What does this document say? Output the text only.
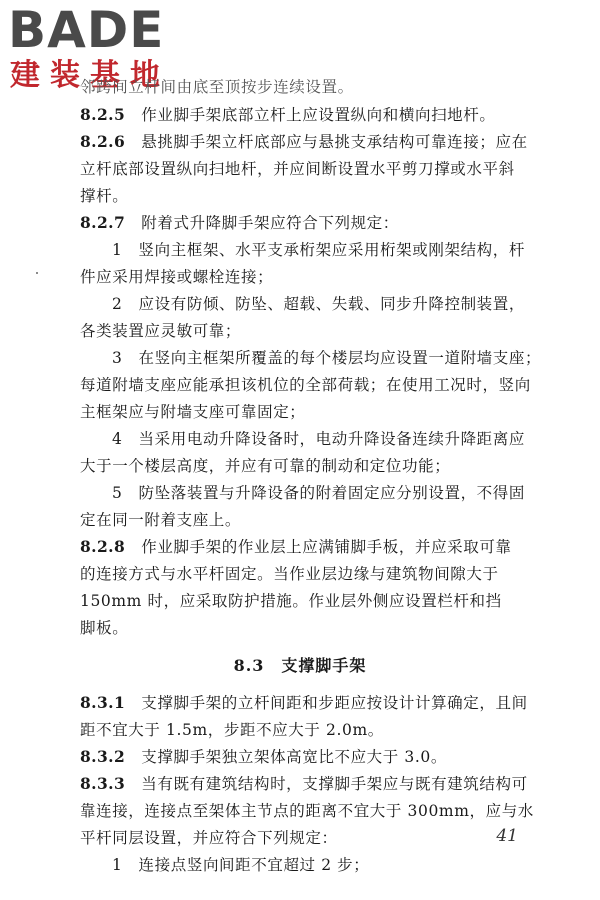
BADE
建装基地
邻跨间立杆间由底至顶按步连续设置。
8.2.5　 作业脚手架底部立杆上应设置纵向和横向扫地杆。
8.2.6　 悬挑脚手架立杆底部应与悬挑支承结构可靠连接；应在
立杆底部设置纵向扫地杆，并应间断设置水平剪刀撑或水平斜
撑杆。
8.2.7　 附着式升降脚手架应符合下列规定：
1　竖向主框架、水平支承桁架应采用桁架或刚架结构，杆
件应采用焊接或螺栓连接；
2　应设有防倾、防坠、超载、失载、同步升降控制装置，
各类装置应灵敏可靠；
3　在竖向主框架所覆盖的每个楼层均应设置一道附墙支座；
每道附墙支座应能承担该机位的全部荷载；在使用工况时，竖向
主框架应与附墙支座可靠固定；
4　当采用电动升降设备时，电动升降设备连续升降距离应
大于一个楼层高度，并应有可靠的制动和定位功能；
5　防坠落装置与升降设备的附着固定应分别设置，不得固
定在同一附着支座上。
8.2.8　 作业脚手架的作业层上应满铺脚手板，并应采取可靠
的连接方式与水平杆固定。当作业层边缘与建筑物间隙大于
150mm 时，应采取防护措施。作业层外侧应设置栏杆和挡
脚板。
8.3　支撑脚手架
8.3.1　 支撑脚手架的立杆间距和步距应按设计计算确定，且间
距不宜大于 1.5m，步距不应大于 2.0m。
8.3.2　 支撑脚手架独立架体高宽比不应大于 3.0。
8.3.3　 当有既有建筑结构时，支撑脚手架应与既有建筑结构可
靠连接，连接点至架体主节点的距离不宜大于 300mm，应与水
平杆同层设置，并应符合下列规定：
1　连接点竖向间距不宜超过 2 步；
41
